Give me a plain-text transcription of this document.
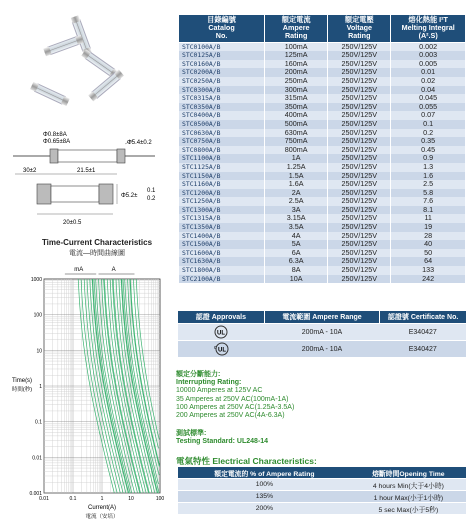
Φ0.8±8A
Φ0.65±8A	Φ5.4±0.2
30±2	21.5±1
Φ5.2±
0.1
0.2
20±0.5
Time-Current Characteristics
電流—時間曲線圖
0.001
0.01
0.1
1
10
100
1000
0.01	0.1	1	10	100
mA	A
Time(s)
時間(秒)
Current(A)
電流（安培）
目錄編號
Catalog
No.	額定電流
Ampere
Rating	額定電壓
Voltage
Rating	熔化熱能 I²T
Melting Integral
(A².S)
STC0100A/B	100mA	250V/125V	0.002
STC0125A/B	125mA	250V/125V	0.003
STC0160A/B	160mA	250V/125V	0.005
STC0200A/B	200mA	250V/125V	0.01
STC0250A/B	250mA	250V/125V	0.02
STC0300A/B	300mA	250V/125V	0.04
STC0315A/B	315mA	250V/125V	0.045
STC0350A/B	350mA	250V/125V	0.055
STC0400A/B	400mA	250V/125V	0.07
STC0500A/B	500mA	250V/125V	0.1
STC0630A/B	630mA	250V/125V	0.2
STC0750A/B	750mA	250V/125V	0.35
STC0800A/B	800mA	250V/125V	0.45
STC1100A/B	1A	250V/125V	0.9
STC1125A/B	1.25A	250V/125V	1.3
STC1150A/B	1.5A	250V/125V	1.6
STC1160A/B	1.6A	250V/125V	2.5
STC1200A/B	2A	250V/125V	5.8
STC1250A/B	2.5A	250V/125V	7.6
STC1300A/B	3A	250V/125V	8.1
STC1315A/B	3.15A	250V/125V	11
STC1350A/B	3.5A	250V/125V	19
STC1400A/B	4A	250V/125V	28
STC1500A/B	5A	250V/125V	40
STC1600A/B	6A	250V/125V	50
STC1630A/B	6.3A	250V/125V	64
STC1800A/B	8A	250V/125V	133
STC2100A/B	10A	250V/125V	242
認證 Approvals	電流範圍 Ampere Range	認證號 Certificate No.
UL	200mA - 10A	E340427
UL
c	200mA - 10A	E340427
額定分斷能力:
Interrupting Rating:
10000 Amperes at 125V AC
35 Amperes at 250V AC(100mA-1A)
100 Amperes at 250V AC(1.25A-3.5A)
200 Amperes at 250V AC(4A-6.3A)
測試標準:
Testing Standard: UL248-14
電氣特性 Electrical Characteristics:
額定電流的 % of Ampere Rating	熔斷時間Opening Time
100%	4 hours Min(大于4小時)
135%	1 hour Max(小于1小時)
200%	5 sec Max(小于5秒)
